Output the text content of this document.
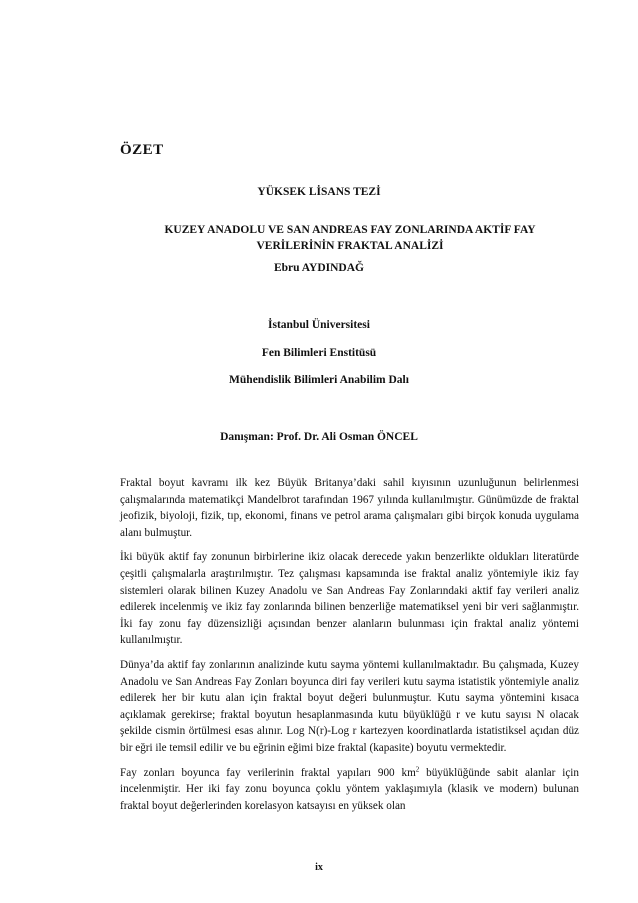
ÖZET
YÜKSEK LİSANS TEZİ
KUZEY ANADOLU VE SAN ANDREAS FAY ZONLARINDA AKTİF FAY
VERİLERİNİN FRAKTAL ANALİZİ
Ebru AYDINDAĞ
İstanbul Üniversitesi
Fen Bilimleri Enstitüsü
Mühendislik Bilimleri Anabilim Dalı
Danışman: Prof. Dr. Ali Osman ÖNCEL

Fraktal boyut kavramı ilk kez Büyük Britanya’daki sahil kıyısının uzunluğunun belirlenmesi çalışmalarında matematikçi Mandelbrot tarafından 1967 yılında kullanılmıştır. Günümüzde de fraktal jeofizik, biyoloji, fizik, tıp, ekonomi, finans ve petrol arama çalışmaları gibi birçok konuda uygulama alanı bulmuştur.

İki büyük aktif fay zonunun birbirlerine ikiz olacak derecede yakın benzerlikte oldukları literatürde çeşitli çalışmalarla araştırılmıştır. Tez çalışması kapsamında ise fraktal analiz yöntemiyle ikiz fay sistemleri olarak bilinen Kuzey Anadolu ve San Andreas Fay Zonlarındaki aktif fay verileri analiz edilerek incelenmiş ve ikiz fay zonlarında bilinen benzerliğe matematiksel yeni bir veri sağlanmıştır. İki fay zonu fay düzensizliği açısından benzer alanların bulunması için fraktal analiz yöntemi kullanılmıştır.

Dünya’da aktif fay zonlarının analizinde kutu sayma yöntemi kullanılmaktadır. Bu çalışmada, Kuzey Anadolu ve San Andreas Fay Zonları boyunca diri fay verileri kutu sayma istatistik yöntemiyle analiz edilerek her bir kutu alan için fraktal boyut değeri bulunmuştur. Kutu sayma yöntemini kısaca açıklamak gerekirse; fraktal boyutun hesaplanmasında kutu büyüklüğü r ve kutu sayısı N olacak şekilde cismin örtülmesi esas alınır. Log N(r)-Log r kartezyen koordinatlarda istatistiksel açıdan düz bir eğri ile temsil edilir ve bu eğrinin eğimi bize fraktal (kapasite) boyutu vermektedir.

Fay zonları boyunca fay verilerinin fraktal yapıları 900 $km^2$ büyüklüğünde sabit alanlar için incelenmiştir. Her iki fay zonu boyunca çoklu yöntem yaklaşımıyla (klasik ve modern) bulunan fraktal boyut değerlerinden korelasyon katsayısı en yüksek olan

ix
